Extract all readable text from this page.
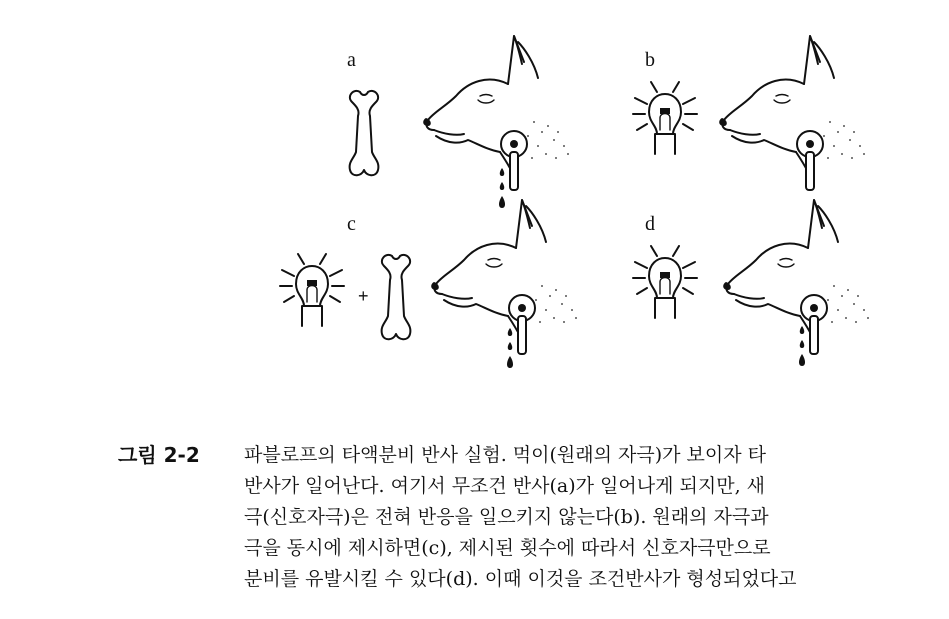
a	b
c
+
d
그림 2-2 파블로프의 타액분비 반사 실험. 먹이(원래의 자극)가 보이자 타
반사가 일어난다. 여기서 무조건 반사(a)가 일어나게 되지만, 새
극(신호자극)은 전혀 반응을 일으키지 않는다(b). 원래의 자극과
극을 동시에 제시하면(c), 제시된 횟수에 따라서 신호자극만으로
분비를 유발시킬 수 있다(d). 이때 이것을 조건반사가 형성되었다고
